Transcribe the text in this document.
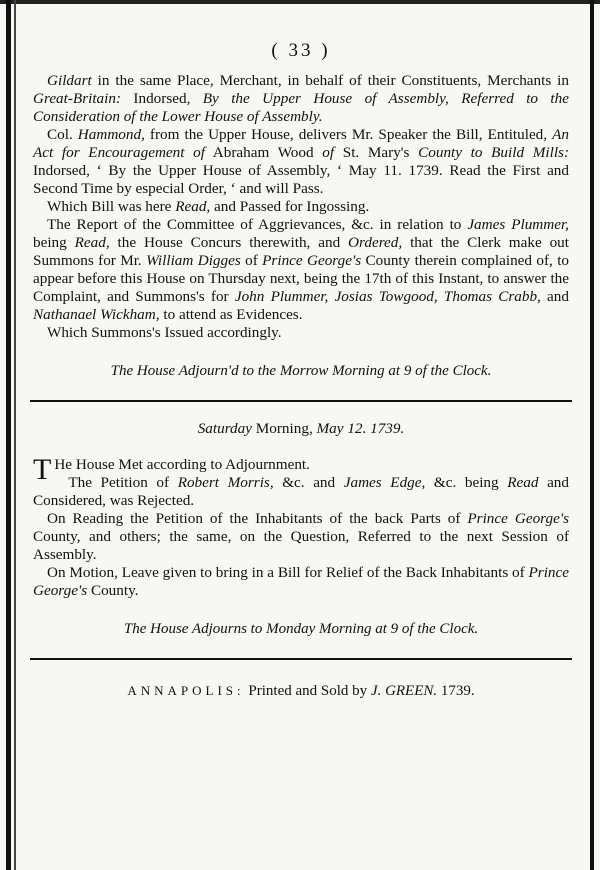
( 33 )

Gildart in the same Place, Merchant, in behalf of their Constituents, Merchants in Great-Britain: Indorsed, By the Upper House of Assembly, Referred to the Consideration of the Lower House of Assembly.

Col. Hammond, from the Upper House, delivers Mr. Speaker the Bill, Entituled, An Act for Encouragement of Abraham Wood of St. Mary's County to Build Mills: Indorsed, ‘ By the Upper House of Assembly, ‘ May 11. 1739. Read the First and Second Time by especial Order, ‘ and will Pass.

Which Bill was here Read, and Passed for Ingossing.

The Report of the Committee of Aggrievances, &c. in relation to James Plummer, being Read, the House Concurs therewith, and Ordered, that the Clerk make out Summons for Mr. William Digges of Prince George's County therein complained of, to appear before this House on Thursday next, being the 17th of this Instant, to answer the Complaint, and Summons's for John Plummer, Josias Towgood, Thomas Crabb, and Nathanael Wickham, to attend as Evidences.

Which Summons's Issued accordingly.

The House Adjourn'd to the Morrow Morning at 9 of the Clock.
Saturday Morning, May 12. 1739.

T He House Met according to Adjournment.

The Petition of Robert Morris, &c. and James Edge, &c. being Read and Considered, was Rejected.

On Reading the Petition of the Inhabitants of the back Parts of Prince George's County, and others; the same, on the Question, Referred to the next Session of Assembly.

On Motion, Leave given to bring in a Bill for Relief of the Back Inhabitants of Prince George's County.

The House Adjourns to Monday Morning at 9 of the Clock.
ANNAPOLIS: Printed and Sold by J. GREEN. 1739.
